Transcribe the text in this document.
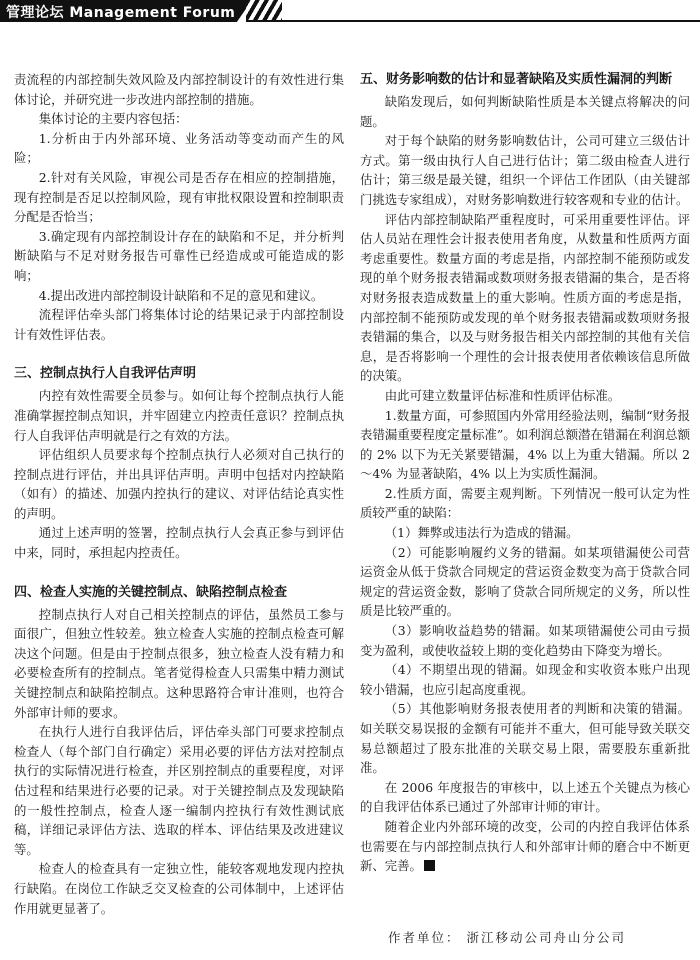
管理论坛 Management Forum

责流程的内部控制失效风险及内部控制设计的有效性进行集体讨论，并研究进一步改进内部控制的措施。

集体讨论的主要内容包括：

1.分析由于内外部环境、业务活动等变动而产生的风险；

2.针对有关风险，审视公司是否存在相应的控制措施，现有控制是否足以控制风险，现有审批权限设置和控制职责分配是否恰当；

3.确定现有内部控制设计存在的缺陷和不足，并分析判断缺陷与不足对财务报告可靠性已经造成或可能造成的影响；

4.提出改进内部控制设计缺陷和不足的意见和建议。

流程评估牵头部门将集体讨论的结果记录于内部控制设计有效性评估表。

三、控制点执行人自我评估声明

内控有效性需要全员参与。如何让每个控制点执行人能准确掌握控制点知识，并牢固建立内控责任意识？控制点执行人自我评估声明就是行之有效的方法。

评估组织人员要求每个控制点执行人必须对自己执行的控制点进行评估，并出具评估声明。声明中包括对内控缺陷（如有）的描述、加强内控执行的建议、对评估结论真实性的声明。

通过上述声明的签署，控制点执行人会真正参与到评估中来，同时，承担起内控责任。

四、检查人实施的关键控制点、缺陷控制点检查

控制点执行人对自己相关控制点的评估，虽然员工参与面很广，但独立性较差。独立检查人实施的控制点检查可解决这个问题。但是由于控制点很多，独立检查人没有精力和必要检查所有的控制点。笔者觉得检查人只需集中精力测试关键控制点和缺陷控制点。这种思路符合审计准则，也符合外部审计师的要求。

在执行人进行自我评估后，评估牵头部门可要求控制点检查人（每个部门自行确定）采用必要的评估方法对控制点执行的实际情况进行检查，并区别控制点的重要程度，对评估过程和结果进行必要的记录。对于关键控制点及发现缺陷的一般性控制点，检查人逐一编制内控执行有效性测试底稿，详细记录评估方法、选取的样本、评估结果及改进建议等。

检查人的检查具有一定独立性，能较客观地发现内控执行缺陷。在岗位工作缺乏交叉检查的公司体制中，上述评估作用就更显著了。

五、财务影响数的估计和显著缺陷及实质性漏洞的判断

缺陷发现后，如何判断缺陷性质是本关键点将解决的问题。

对于每个缺陷的财务影响数估计，公司可建立三级估计方式。第一级由执行人自己进行估计；第二级由检查人进行估计；第三级是最关键，组织一个评估工作团队（由关键部门挑选专家组成），对财务影响数进行较客观和专业的估计。

评估内部控制缺陷严重程度时，可采用重要性评估。评估人员站在理性会计报表使用者角度，从数量和性质两方面考虑重要性。数量方面的考虑是指，内部控制不能预防或发现的单个财务报表错漏或数项财务报表错漏的集合，是否将对财务报表造成数量上的重大影响。性质方面的考虑是指，内部控制不能预防或发现的单个财务报表错漏或数项财务报表错漏的集合，以及与财务报告相关内部控制的其他有关信息，是否将影响一个理性的会计报表使用者依赖该信息所做的决策。

由此可建立数量评估标准和性质评估标准。

1.数量方面，可参照国内外常用经验法则，编制“财务报表错漏重要程度定量标准”。如利润总额潜在错漏在利润总额的 2% 以下为无关紧要错漏，4% 以上为重大错漏。所以 2～4% 为显著缺陷，4% 以上为实质性漏洞。

2.性质方面，需要主观判断。下列情况一般可认定为性质较严重的缺陷：

（1）舞弊或违法行为造成的错漏。

（2）可能影响履约义务的错漏。如某项错漏使公司营运资金从低于贷款合同规定的营运资金数变为高于贷款合同规定的营运资金数，影响了贷款合同所规定的义务，所以性质是比较严重的。

（3）影响收益趋势的错漏。如某项错漏使公司由亏损变为盈利，或使收益较上期的变化趋势由下降变为增长。

（4）不期望出现的错漏。如现金和实收资本账户出现较小错漏，也应引起高度重视。

（5）其他影响财务报表使用者的判断和决策的错漏。如关联交易误报的金额有可能并不重大，但可能导致关联交易总额超过了股东批准的关联交易上限，需要股东重新批准。

在 2006 年度报告的审核中，以上述五个关键点为核心的自我评估体系已通过了外部审计师的审计。

随着企业内外部环境的改变，公司的内控自我评估体系也需要在与内部控制点执行人和外部审计师的磨合中不断更新、完善。

作者单位： 浙江移动公司舟山分公司
